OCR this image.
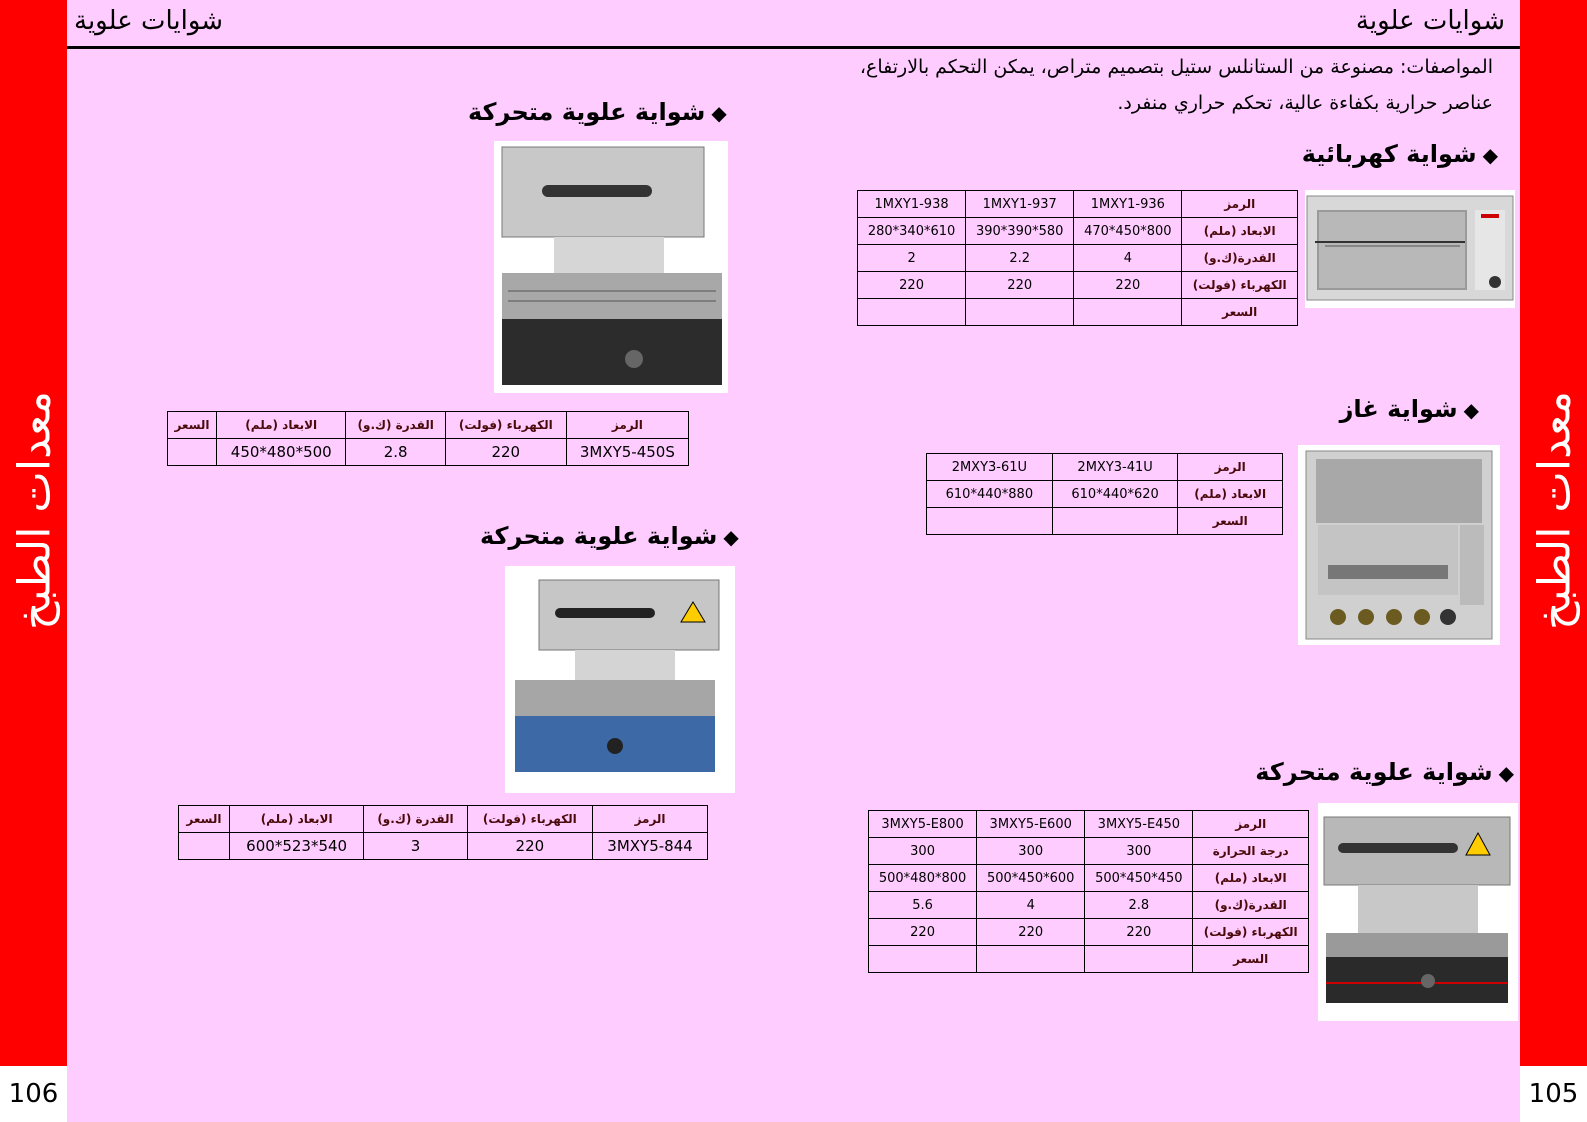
معدات الطبخ
106
معدات الطبخ
105
شوايات علوية	شوايات علوية
المواصفات: مصنوعة من الستانلس ستيل بتصميم متراص، يمكن التحكم بالارتفاع،
عناصر حرارية بكفاءة عالية، تحكم حراري منفرد.
◆شواية كهربائية
الرمز	1MXY1-936	1MXY1-937	1MXY1-938
الابعاد (ملم)	800*450*470	580*390*390	610*340*280
القدرة(ك.و)	4	2.2	2
الكهرباء (فولت)	220	220	220
السعر			
◆شواية غاز
الرمز	2MXY3-41U	2MXY3-61U
الابعاد (ملم)	620*440*610	880*440*610
السعر		
◆شواية علوية متحركة
الرمز	3MXY5-E450	3MXY5-E600	3MXY5-E800
درجة الحرارة	300	300	300
الابعاد (ملم)	450*450*500	600*450*500	800*480*500
القدرة(ك.و)	2.8	4	5.6
الكهرباء (فولت)	220	220	220
السعر			
◆شواية علوية متحركة
الرمز	الكهرباء (فولت)	القدرة (ك.و)	الابعاد (ملم)	السعر
3MXY5-450S	220	2.8	500*480*450	
◆شواية علوية متحركة
الرمز	الكهرباء (فولت)	القدرة (ك.و)	الابعاد (ملم)	السعر
3MXY5-844	220	3	540*523*600	
